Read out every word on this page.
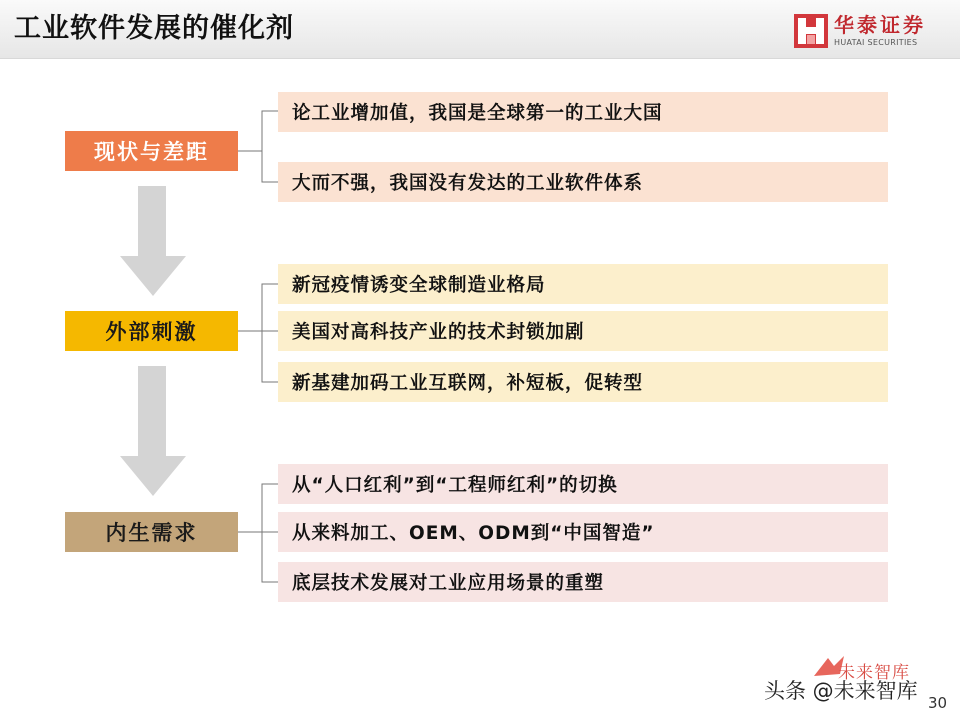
工业软件发展的催化剂	华泰证券
HUATAI SECURITIES
现状与差距
外部刺激
内生需求
论工业增加值，我国是全球第一的工业大国
大而不强，我国没有发达的工业软件体系
新冠疫情诱变全球制造业格局
美国对高科技产业的技术封锁加剧
新基建加码工业互联网，补短板，促转型
从“人口红利”到“工程师红利”的切换
从来料加工、OEM、ODM到“中国智造”
底层技术发展对工业应用场景的重塑
未来智库
头条 @未来智库 30
